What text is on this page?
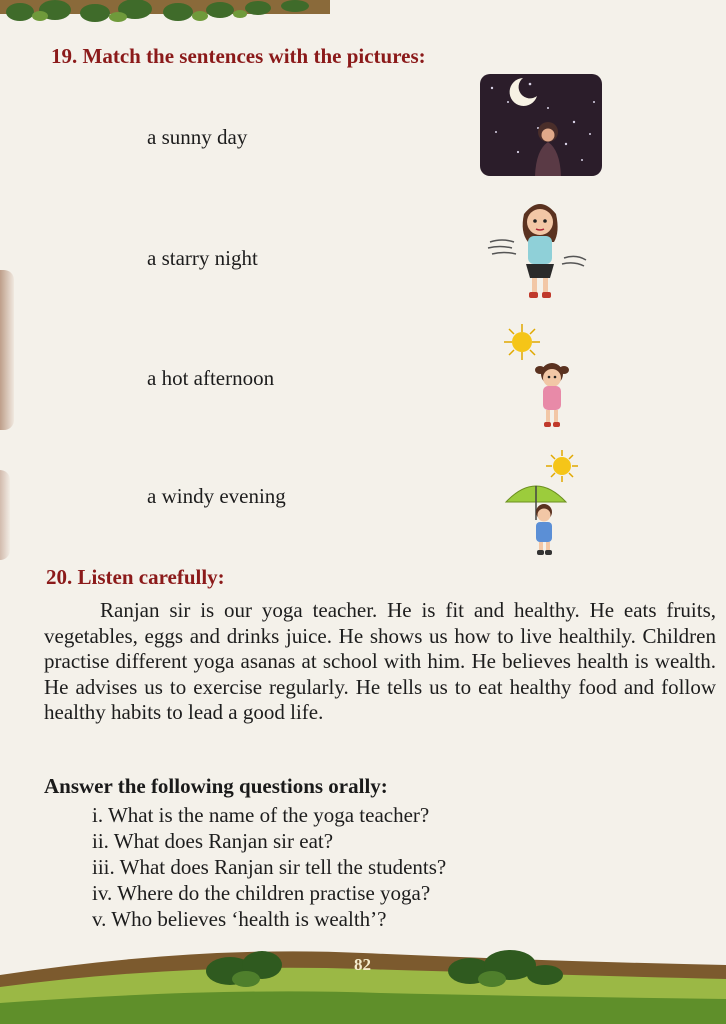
19. Match the sentences with the pictures:

a sunny day

a starry night

a hot afternoon

a windy evening

20. Listen carefully:

Ranjan sir is our yoga teacher. He is fit and healthy. He eats fruits, vegetables, eggs and drinks juice. He shows us how to live healthily. Children practise different yoga asanas at school with him. He believes health is wealth. He advises us to exercise regularly. He tells us to eat healthy food and follow healthy habits to lead a good life.

Answer the following questions orally:
i. What is the name of the yoga teacher?
ii. What does Ranjan sir eat?
iii. What does Ranjan sir tell the students?
iv. Where do the children practise yoga?
v. Who believes ‘health is wealth’?
82
